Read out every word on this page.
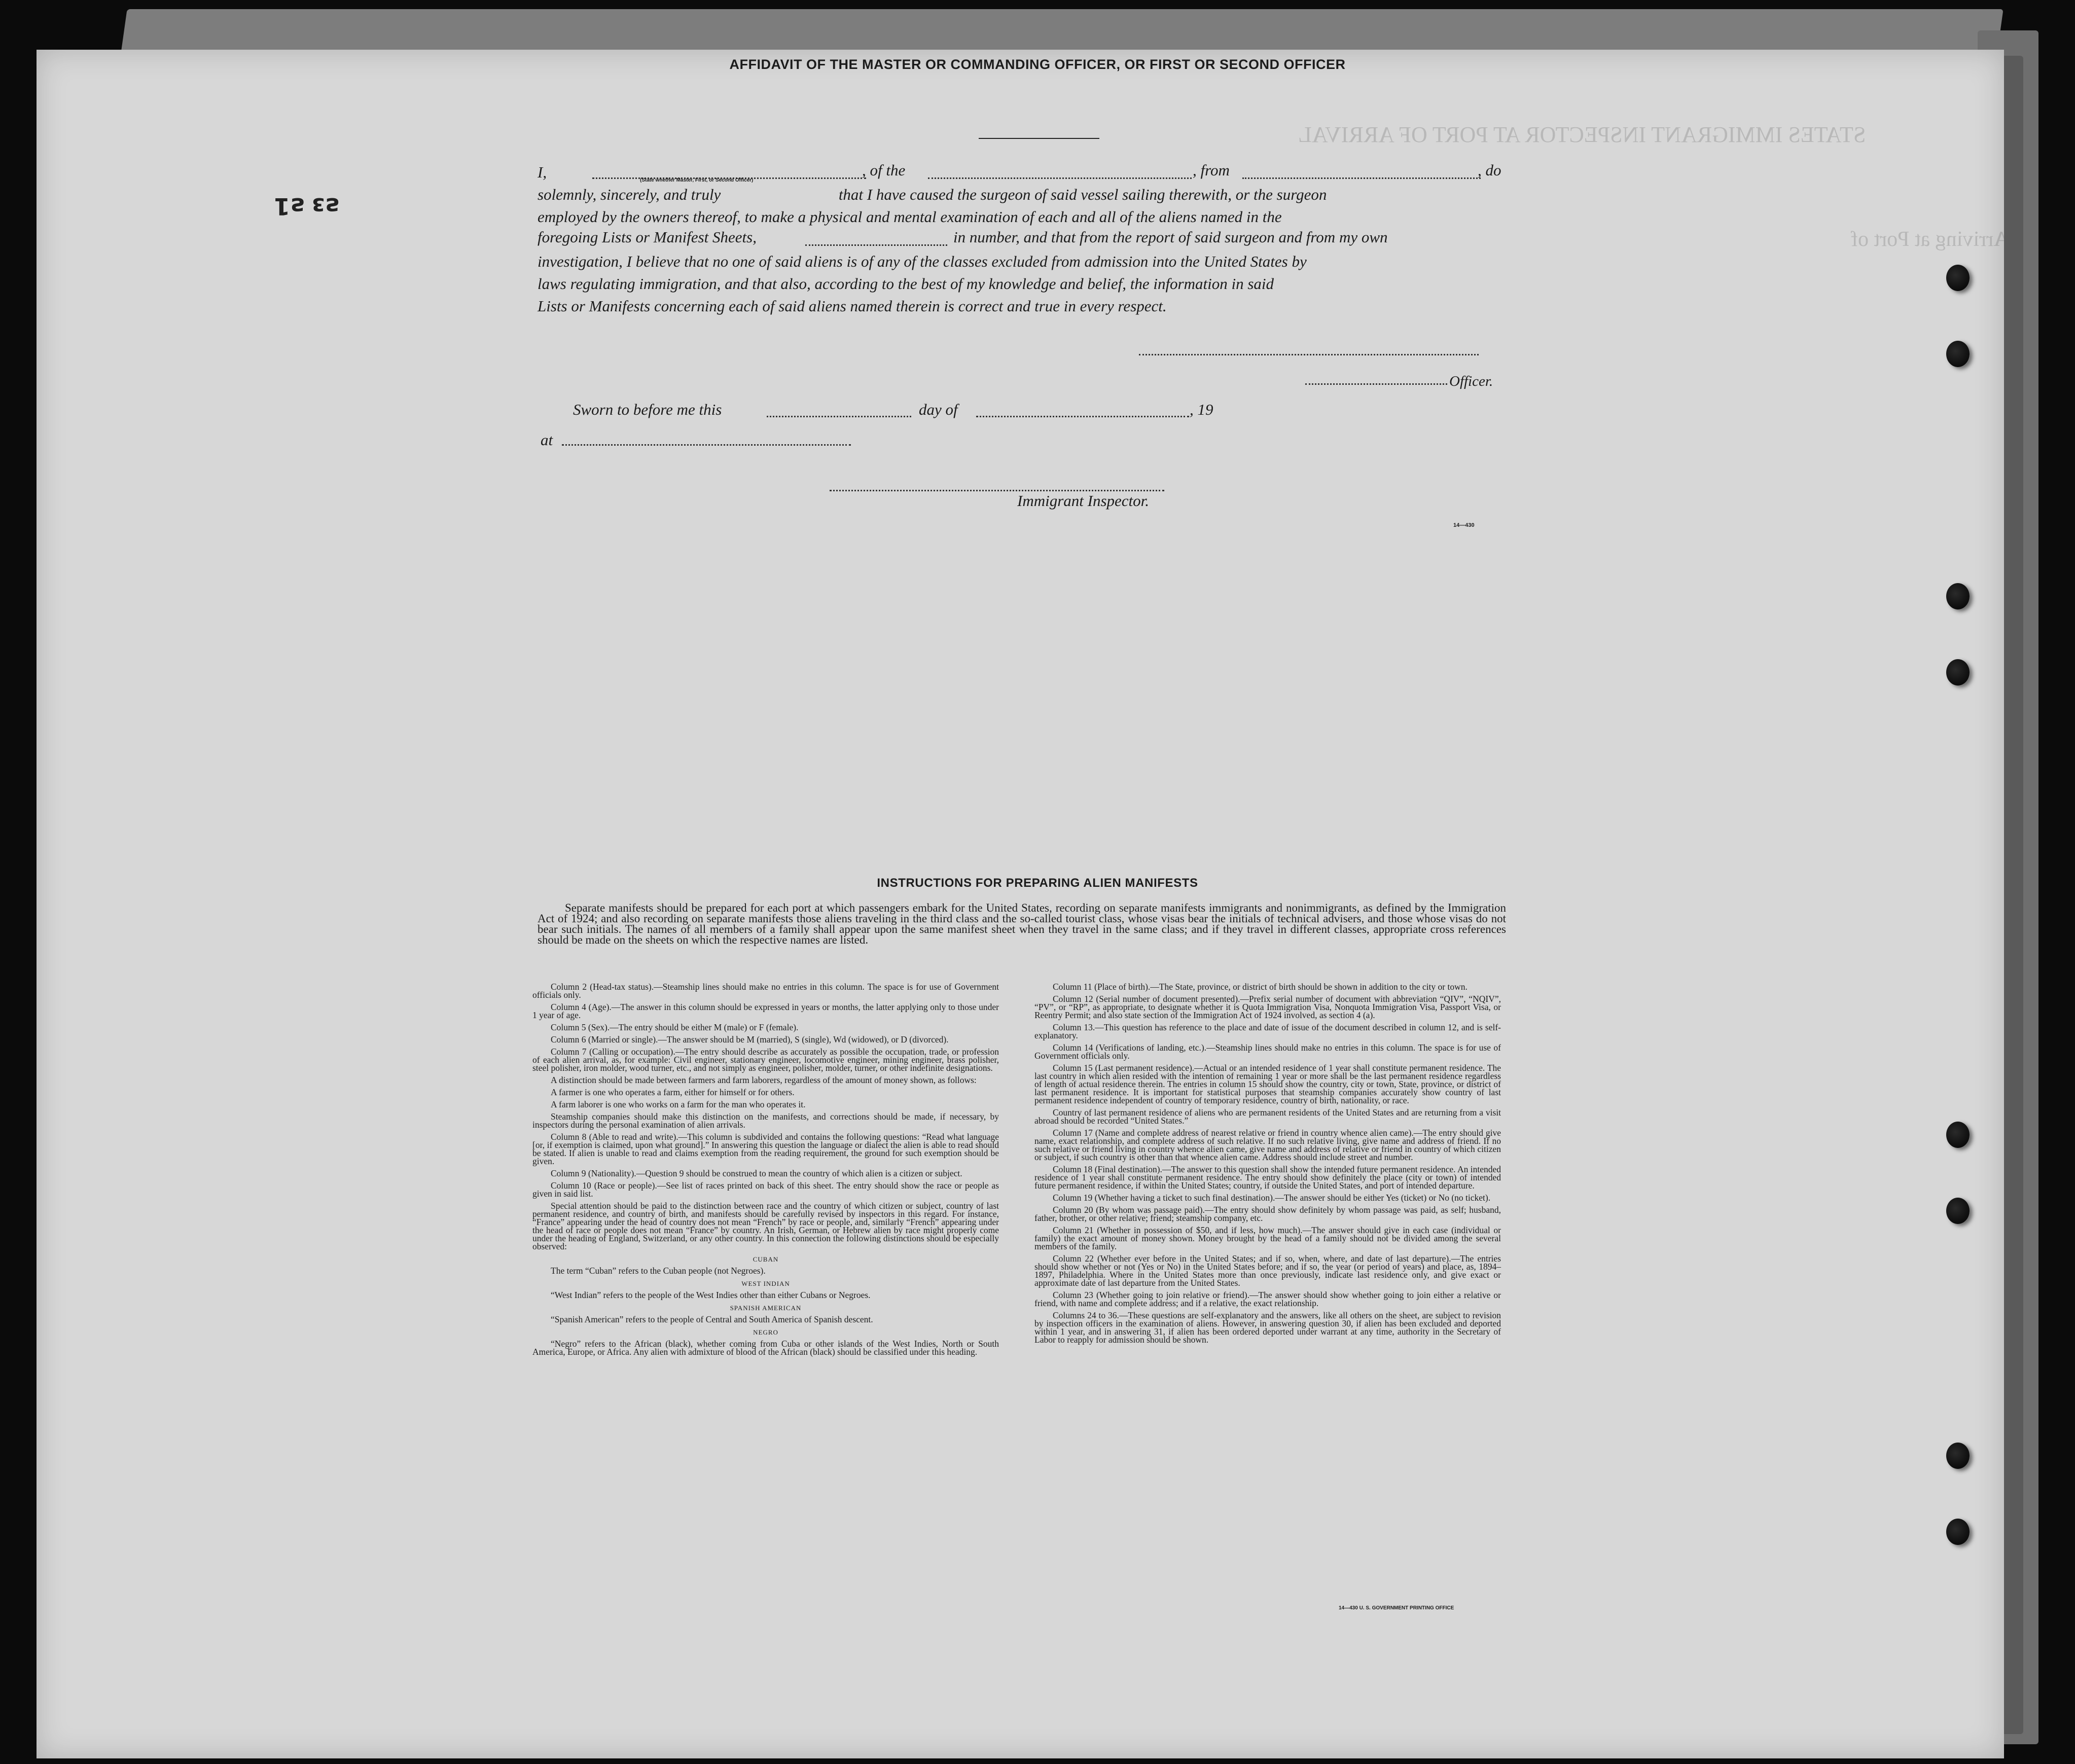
STATES IMMIGRANT INSPECTOR AT PORT OF ARRIVAL
Arriving at Port of
ƨɜ ƨ1
AFFIDAVIT OF THE MASTER OR COMMANDING OFFICER, OR FIRST OR SECOND OFFICER
I,	(State whether Master, First, or Second Officer)
, of the	, from	, do
solemnly, sincerely, and truly                              that I have caused the surgeon of said vessel sailing therewith, or the surgeon
employed by the owners thereof, to make a physical and mental examination of each and all of the aliens named in the
foregoing Lists or Manifest Sheets,	in number, and that from the report of said surgeon and from my own
investigation, I believe that no one of said aliens is of any of the classes excluded from admission into the United States by
laws regulating immigration, and that also, according to the best of my knowledge and belief, the information in said
Lists or Manifests concerning each of said aliens named therein is correct and true in every respect.
Officer.
Sworn to before me this	day of	, 19
at
Immigrant Inspector.
14—430
INSTRUCTIONS FOR PREPARING ALIEN MANIFESTS
Separate manifests should be prepared for each port at which passengers embark for the United States, recording on separate manifests immigrants and nonimmigrants, as defined by the Immigration Act of 1924; and also recording on separate manifests those aliens traveling in the third class and the so-called tourist class, whose visas bear the initials of technical advisers, and those whose visas do not bear such initials. The names of all members of a family shall appear upon the same manifest sheet when they travel in the same class; and if they travel in different classes, appropriate cross references should be made on the sheets on which the respective names are listed.

Column 2 (Head-tax status).—Steamship lines should make no entries in this column. The space is for use of Government officials only.

Column 4 (Age).—The answer in this column should be expressed in years or months, the latter applying only to those under 1 year of age.

Column 5 (Sex).—The entry should be either M (male) or F (female).

Column 6 (Married or single).—The answer should be M (married), S (single), Wd (widowed), or D (divorced).

Column 7 (Calling or occupation).—The entry should describe as accurately as possible the occupation, trade, or profession of each alien arrival, as, for example: Civil engineer, stationary engineer, locomotive engineer, mining engineer, brass polisher, steel polisher, iron molder, wood turner, etc., and not simply as engineer, polisher, molder, turner, or other indefinite designations.

A distinction should be made between farmers and farm laborers, regardless of the amount of money shown, as follows:

A farmer is one who operates a farm, either for himself or for others.

A farm laborer is one who works on a farm for the man who operates it.

Steamship companies should make this distinction on the manifests, and corrections should be made, if necessary, by inspectors during the personal examination of alien arrivals.

Column 8 (Able to read and write).—This column is subdivided and contains the following questions: “Read what language [or, if exemption is claimed, upon what ground].” In answering this question the language or dialect the alien is able to read should be stated. If alien is unable to read and claims exemption from the reading requirement, the ground for such exemption should be given.

Column 9 (Nationality).—Question 9 should be construed to mean the country of which alien is a citizen or subject.

Column 10 (Race or people).—See list of races printed on back of this sheet. The entry should show the race or people as given in said list.

Special attention should be paid to the distinction between race and the country of which citizen or subject, country of last permanent residence, and country of birth, and manifests should be carefully revised by inspectors in this regard. For instance, “France” appearing under the head of country does not mean “French” by race or people, and, similarly “French” appearing under the head of race or people does not mean “France” by country. An Irish, German, or Hebrew alien by race might properly come under the heading of England, Switzerland, or any other country. In this connection the following distinctions should be especially observed:

CUBAN

The term “Cuban” refers to the Cuban people (not Negroes).

WEST INDIAN

“West Indian” refers to the people of the West Indies other than either Cubans or Negroes.

SPANISH AMERICAN

“Spanish American” refers to the people of Central and South America of Spanish descent.

NEGRO

“Negro” refers to the African (black), whether coming from Cuba or other islands of the West Indies, North or South America, Europe, or Africa. Any alien with admixture of blood of the African (black) should be classified under this heading.

Column 11 (Place of birth).—The State, province, or district of birth should be shown in addition to the city or town.

Column 12 (Serial number of document presented).—Prefix serial number of document with abbreviation “QIV”, “NQIV”, “PV”, or “RP”, as appropriate, to designate whether it is Quota Immigration Visa, Nonquota Immigration Visa, Passport Visa, or Reentry Permit; and also state section of the Immigration Act of 1924 involved, as section 4 (a).

Column 13.—This question has reference to the place and date of issue of the document described in column 12, and is self-explanatory.

Column 14 (Verifications of landing, etc.).—Steamship lines should make no entries in this column. The space is for use of Government officials only.

Column 15 (Last permanent residence).—Actual or an intended residence of 1 year shall constitute permanent residence. The last country in which alien resided with the intention of remaining 1 year or more shall be the last permanent residence regardless of length of actual residence therein. The entries in column 15 should show the country, city or town, State, province, or district of last permanent residence. It is important for statistical purposes that steamship companies accurately show country of last permanent residence independent of country of temporary residence, country of birth, nationality, or race.

Country of last permanent residence of aliens who are permanent residents of the United States and are returning from a visit abroad should be recorded “United States.”

Column 17 (Name and complete address of nearest relative or friend in country whence alien came).—The entry should give name, exact relationship, and complete address of such relative. If no such relative living, give name and address of friend. If no such relative or friend living in country whence alien came, give name and address of relative or friend in country of which citizen or subject, if such country is other than that whence alien came. Address should include street and number.

Column 18 (Final destination).—The answer to this question shall show the intended future permanent residence. An intended residence of 1 year shall constitute permanent residence. The entry should show definitely the place (city or town) of intended future permanent residence, if within the United States; country, if outside the United States, and port of intended departure.

Column 19 (Whether having a ticket to such final destination).—The answer should be either Yes (ticket) or No (no ticket).

Column 20 (By whom was passage paid).—The entry should show definitely by whom passage was paid, as self; husband, father, brother, or other relative; friend; steamship company, etc.

Column 21 (Whether in possession of $50, and if less, how much).—The answer should give in each case (individual or family) the exact amount of money shown. Money brought by the head of a family should not be divided among the several members of the family.

Column 22 (Whether ever before in the United States; and if so, when, where, and date of last departure).—The entries should show whether or not (Yes or No) in the United States before; and if so, the year (or period of years) and place, as, 1894–1897, Philadelphia. Where in the United States more than once previously, indicate last residence only, and give exact or approximate date of last departure from the United States.

Column 23 (Whether going to join relative or friend).—The answer should show whether going to join either a relative or friend, with name and complete address; and if a relative, the exact relationship.

Columns 24 to 36.—These questions are self-explanatory and the answers, like all others on the sheet, are subject to revision by inspection officers in the examination of aliens. However, in answering question 30, if alien has been excluded and deported within 1 year, and in answering 31, if alien has been ordered deported under warrant at any time, authority in the Secretary of Labor to reapply for admission should be shown.

14—430 U. S. GOVERNMENT PRINTING OFFICE
